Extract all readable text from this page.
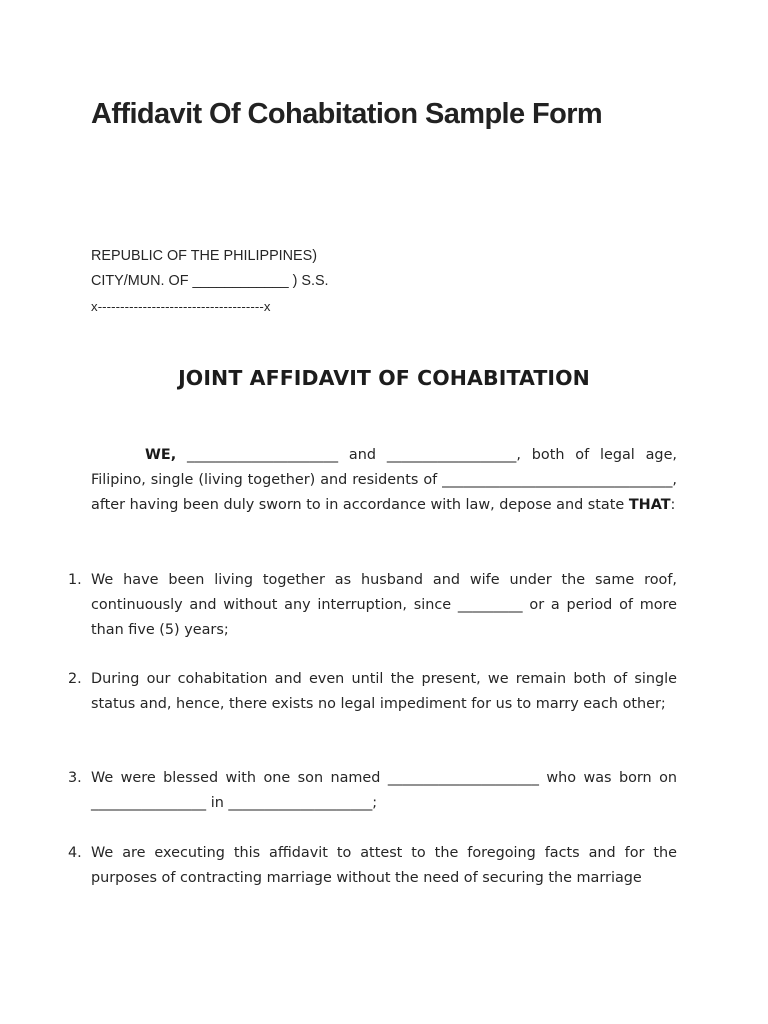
Affidavit Of Cohabitation Sample Form
REPUBLIC OF THE PHILIPPINES)
CITY/MUN. OF ____________ ) S.S.
x-------------------------------------x
JOINT AFFIDAVIT OF COHABITATION

WE, _____________________ and __________________, both of legal age, Filipino, single (living together) and residents of ________________________________, after having been duly sworn to in accordance with law, depose and state THAT:

1. We have been living together as husband and wife under the same roof, continuously and without any interruption, since _________ or a period of more than five (5) years;

2. During our cohabitation and even until the present, we remain both of single status and, hence, there exists no legal impediment for us to marry each other;

3. We were blessed with one son named _____________________ who was born on ________________ in ____________________;

4. We are executing this affidavit to attest to the foregoing facts and for the purposes of contracting marriage without the need of securing the marriage
